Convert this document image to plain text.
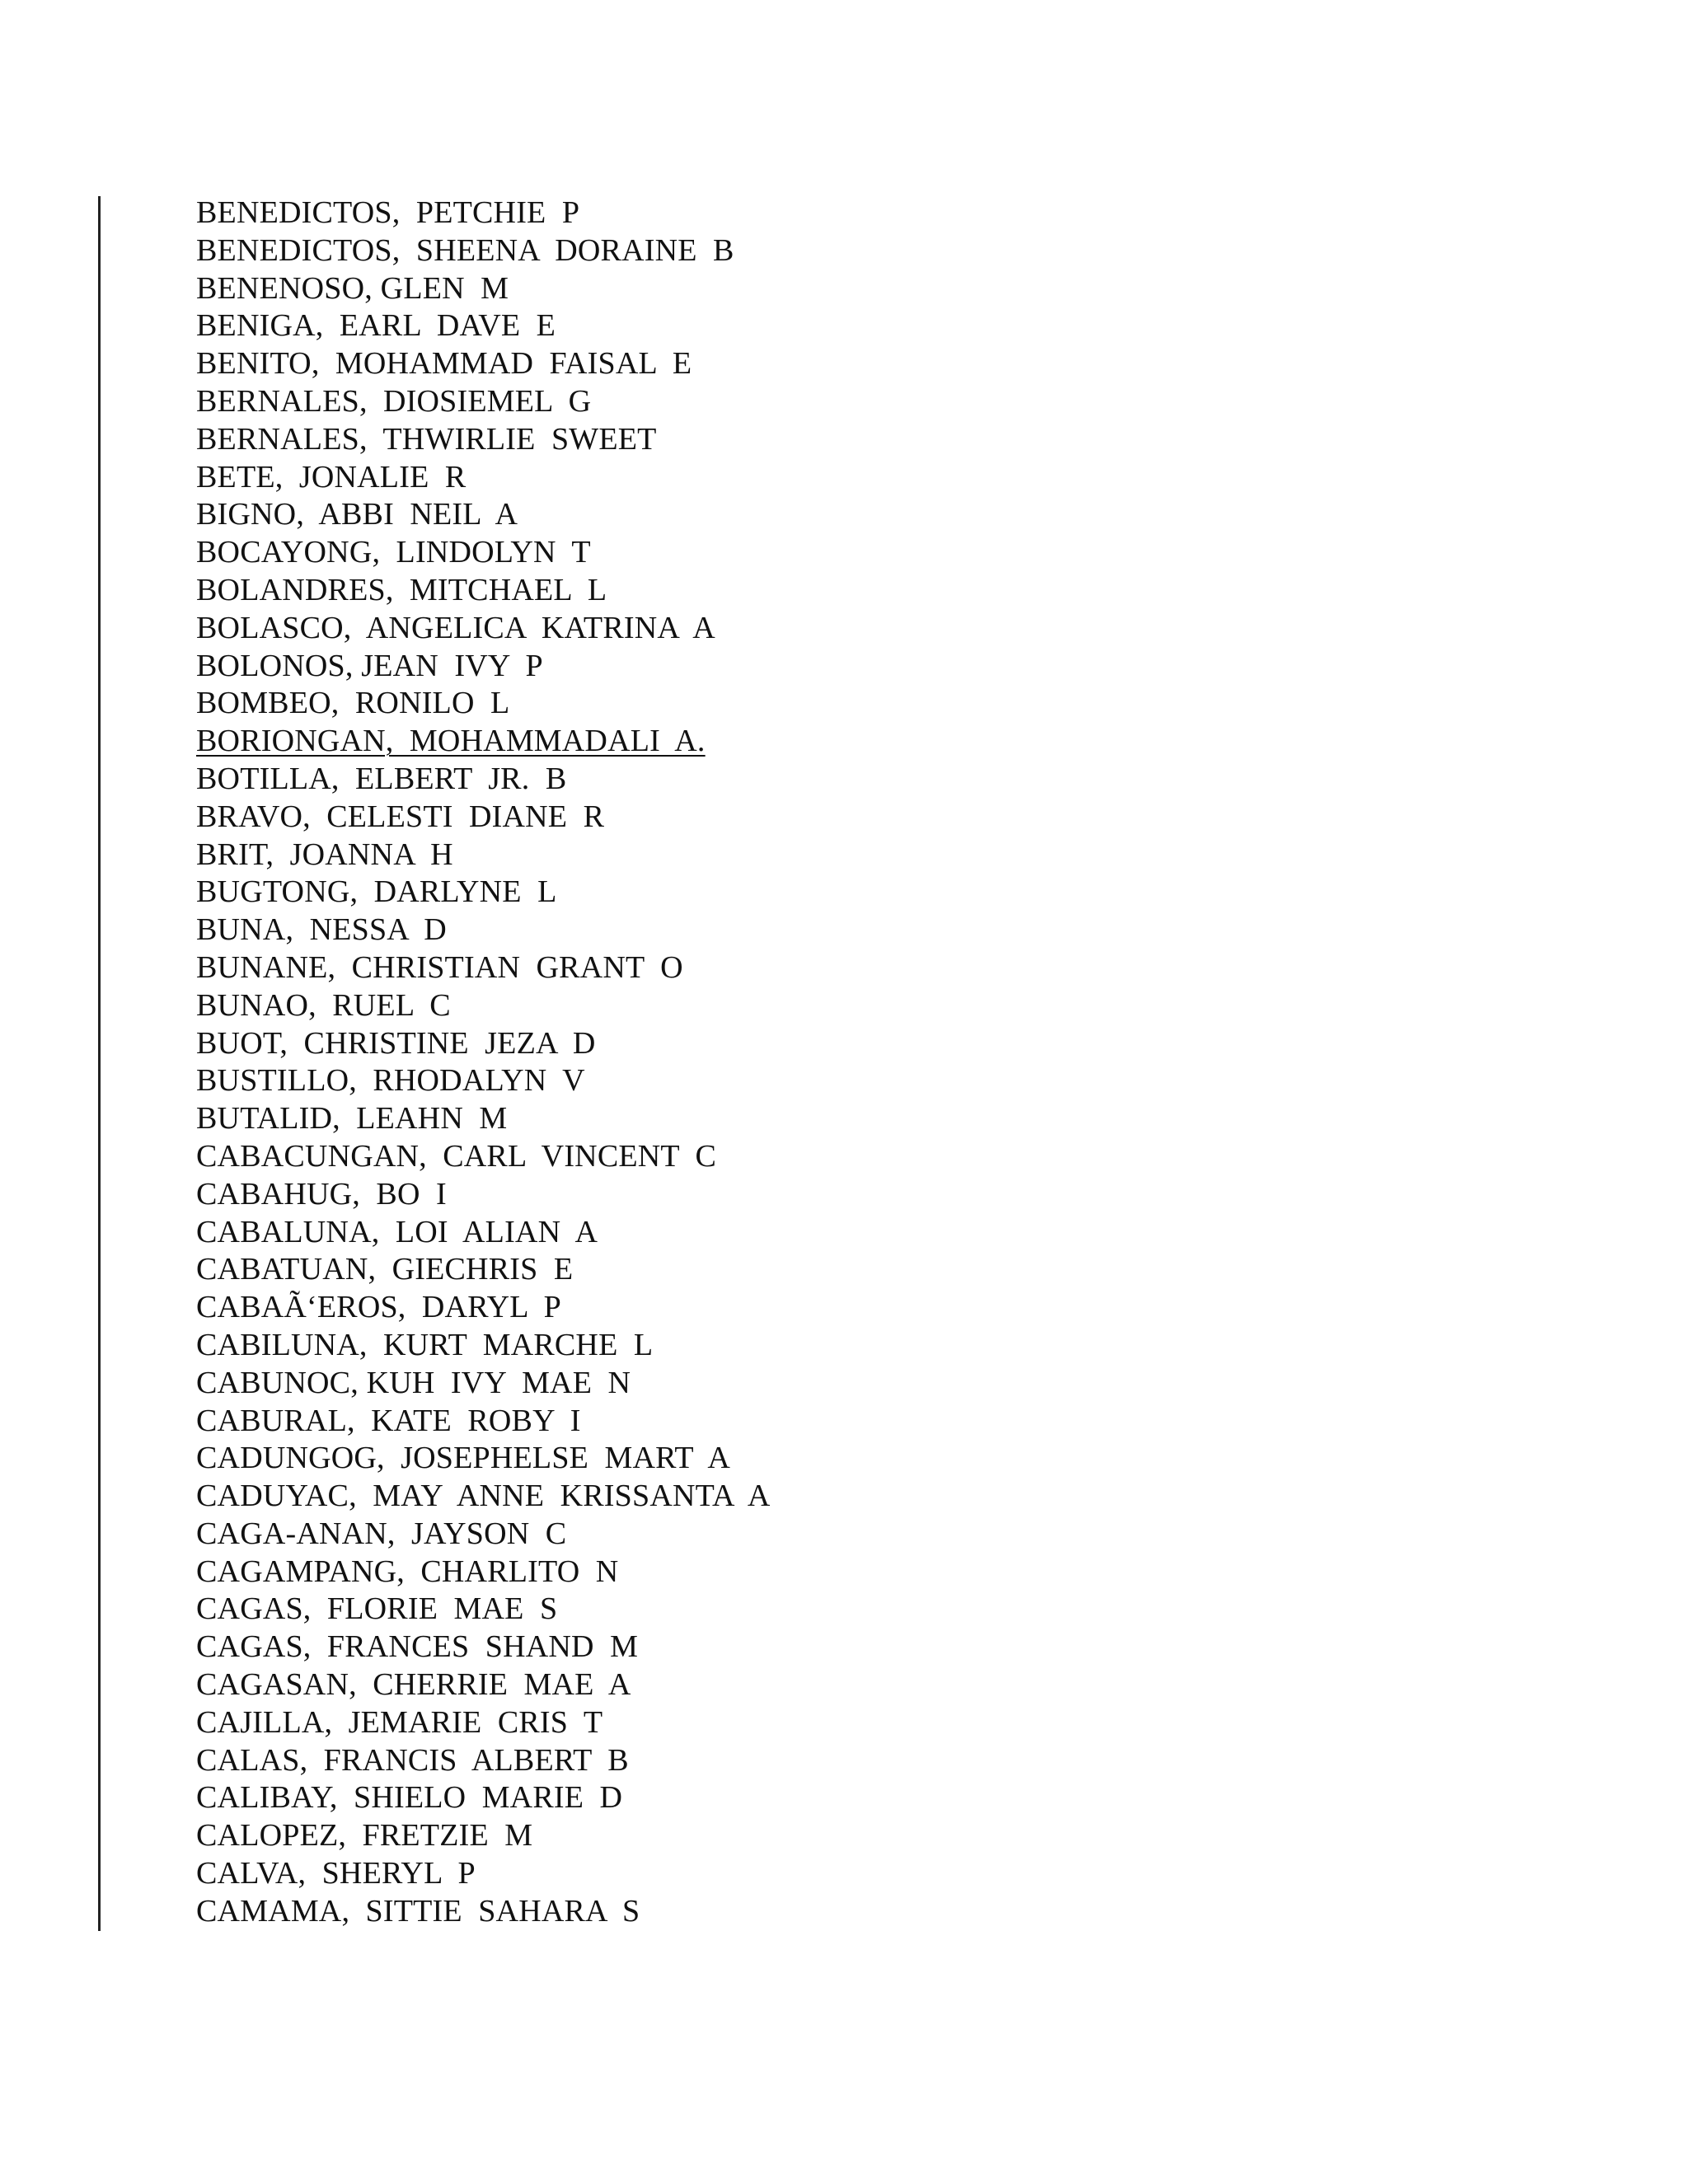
BENEDICTOS,  PETCHIE  P
BENEDICTOS,  SHEENA  DORAINE  B
BENENOSO, GLEN  M
BENIGA,  EARL  DAVE  E
BENITO,  MOHAMMAD  FAISAL  E
BERNALES,  DIOSIEMEL  G
BERNALES,  THWIRLIE  SWEET
BETE,  JONALIE  R
BIGNO,  ABBI  NEIL  A
BOCAYONG,  LINDOLYN  T
BOLANDRES,  MITCHAEL  L
BOLASCO,  ANGELICA  KATRINA  A
BOLONOS, JEAN  IVY  P
BOMBEO,  RONILO  L
BORIONGAN,  MOHAMMADALI  A.
BOTILLA,  ELBERT  JR.  B
BRAVO,  CELESTI  DIANE  R
BRIT,  JOANNA  H
BUGTONG,  DARLYNE  L
BUNA,  NESSA  D
BUNANE,  CHRISTIAN  GRANT  O
BUNAO,  RUEL  C
BUOT,  CHRISTINE  JEZA  D
BUSTILLO,  RHODALYN  V
BUTALID,  LEAHN  M
CABACUNGAN,  CARL  VINCENT  C
CABAHUG,  BO  I
CABALUNA,  LOI  ALIAN  A
CABATUAN,  GIECHRIS  E
CABAÃ‘EROS,  DARYL  P
CABILUNA,  KURT  MARCHE  L
CABUNOC, KUH  IVY  MAE  N
CABURAL,  KATE  ROBY  I
CADUNGOG,  JOSEPHELSE  MART  A
CADUYAC,  MAY  ANNE  KRISSANTA  A
CAGA-ANAN,  JAYSON  C
CAGAMPANG,  CHARLITO  N
CAGAS,  FLORIE  MAE  S
CAGAS,  FRANCES  SHAND  M
CAGASAN,  CHERRIE  MAE  A
CAJILLA,  JEMARIE  CRIS  T
CALAS,  FRANCIS  ALBERT  B
CALIBAY,  SHIELO  MARIE  D
CALOPEZ,  FRETZIE  M
CALVA,  SHERYL  P
CAMAMA,  SITTIE  SAHARA  S
